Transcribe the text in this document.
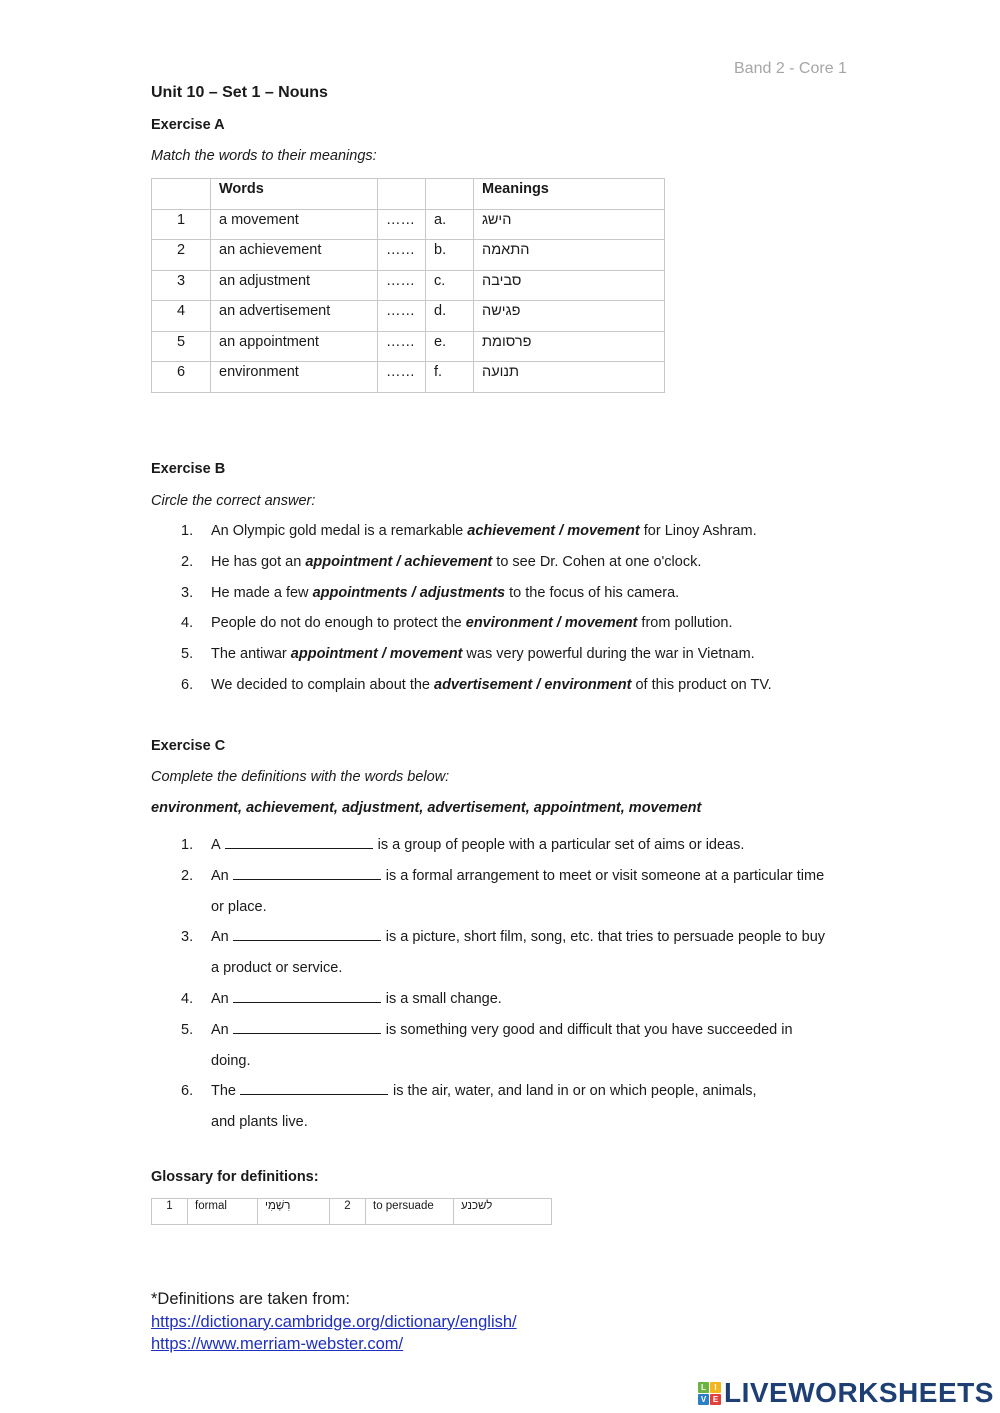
Band 2 - Core 1
Unit 10 – Set 1 – Nouns
Exercise A
Match the words to their meanings:
	Words			Meanings
1	a movement	……	a.	הישג
2	an achievement	……	b.	התאמה
3	an adjustment	……	c.	סביבה
4	an advertisement	……	d.	פגישה
5	an appointment	……	e.	פרסומת
6	environment	……	f.	תנועה
Exercise B
Circle the correct answer:
1. An Olympic gold medal is a remarkable achievement / movement for Linoy Ashram.
2. He has got an appointment / achievement to see Dr. Cohen at one o'clock.
3. He made a few appointments / adjustments to the focus of his camera.
4. People do not do enough to protect the environment / movement from pollution.
5. The antiwar appointment / movement was very powerful during the war in Vietnam.
6. We decided to complain about the advertisement / environment of this product on TV.
Exercise C
Complete the definitions with the words below:
environment, achievement, adjustment, advertisement, appointment, movement
1. A	is a group of people with a particular set of aims or ideas.
2. An	is a formal arrangement to meet or visit someone at a particular time
or place.
3. An	is a picture, short film, song, etc. that tries to persuade people to buy
a product or service.
4. An	is a small change.
5. An	is something very good and difficult that you have succeeded in
doing.
6. The	is the air, water, and land in or on which people, animals,
and plants live.
Glossary for definitions:
1	formal	רִשְׁמִי	2	to persuade	לשכנע
*Definitions are taken from:
https://dictionary.cambridge.org/dictionary/english/
https://www.merriam-webster.com/
L	I
V E LIVEWORKSHEETS
